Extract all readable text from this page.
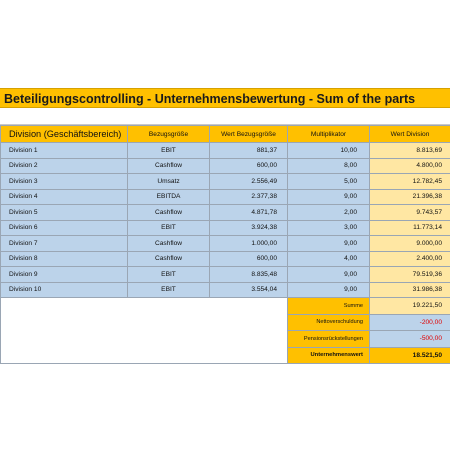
Beteiligungscontrolling - Unternehmensbewertung - Sum of the parts
Division (Geschäftsbereich)	Bezugsgröße	Wert Bezugsgröße	Multiplikator	Wert Division
Division 1	EBIT	881,37	10,00	8.813,69
Division 2	Cashflow	600,00	8,00	4.800,00
Division 3	Umsatz	2.556,49	5,00	12.782,45
Division 4	EBITDA	2.377,38	9,00	21.396,38
Division 5	Cashflow	4.871,78	2,00	9.743,57
Division 6	EBIT	3.924,38	3,00	11.773,14
Division 7	Cashflow	1.000,00	9,00	9.000,00
Division 8	Cashflow	600,00	4,00	2.400,00
Division 9	EBIT	8.835,48	9,00	79.519,36
Division 10	EBIT	3.554,04	9,00	31.986,38
			Summe	19.221,50
			Nettoverschuldung	-200,00
			Pensionsrückstellungen	-500,00
			Unternehmenswert	18.521,50
